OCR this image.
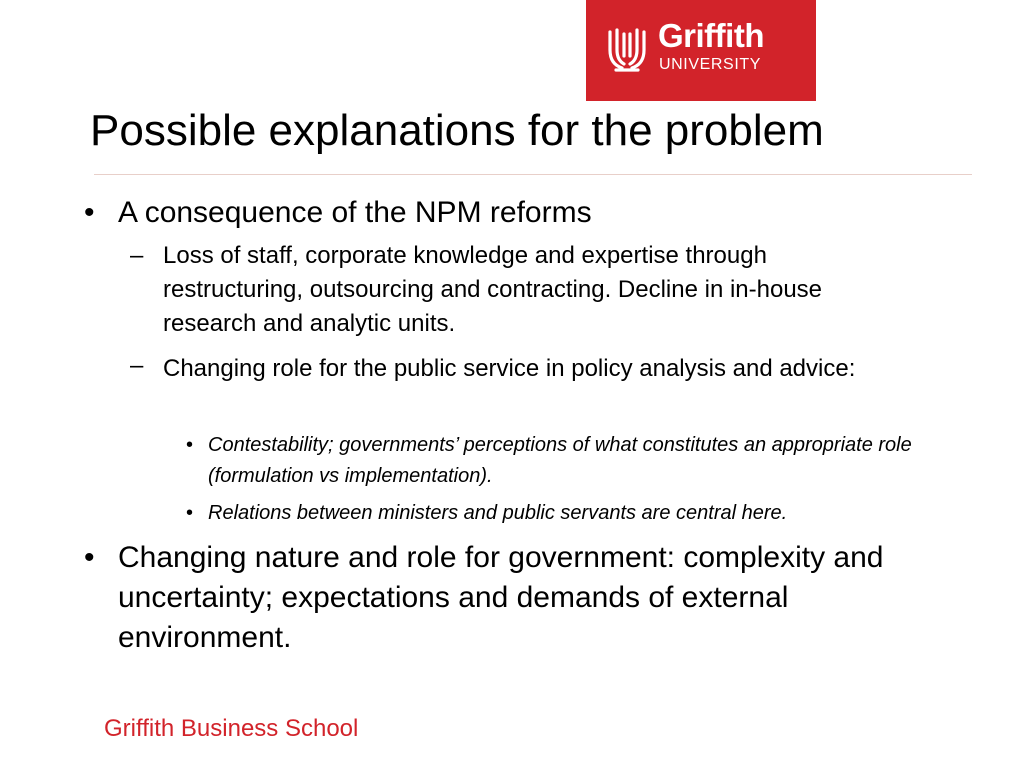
Griffith
UNIVERSITY
Possible explanations for the problem
• A consequence of the NPM reforms
– Loss of staff, corporate knowledge and expertise through restructuring, outsourcing and contracting. Decline in in-house research and analytic units.
– Changing role for the public service in policy analysis and advice:
• Contestability; governments’ perceptions of what constitutes an appropriate role (formulation vs implementation).
• Relations between ministers and public servants are central here.
• Changing nature and role for government: complexity and uncertainty; expectations and demands of external environment.
Griffith Business School
